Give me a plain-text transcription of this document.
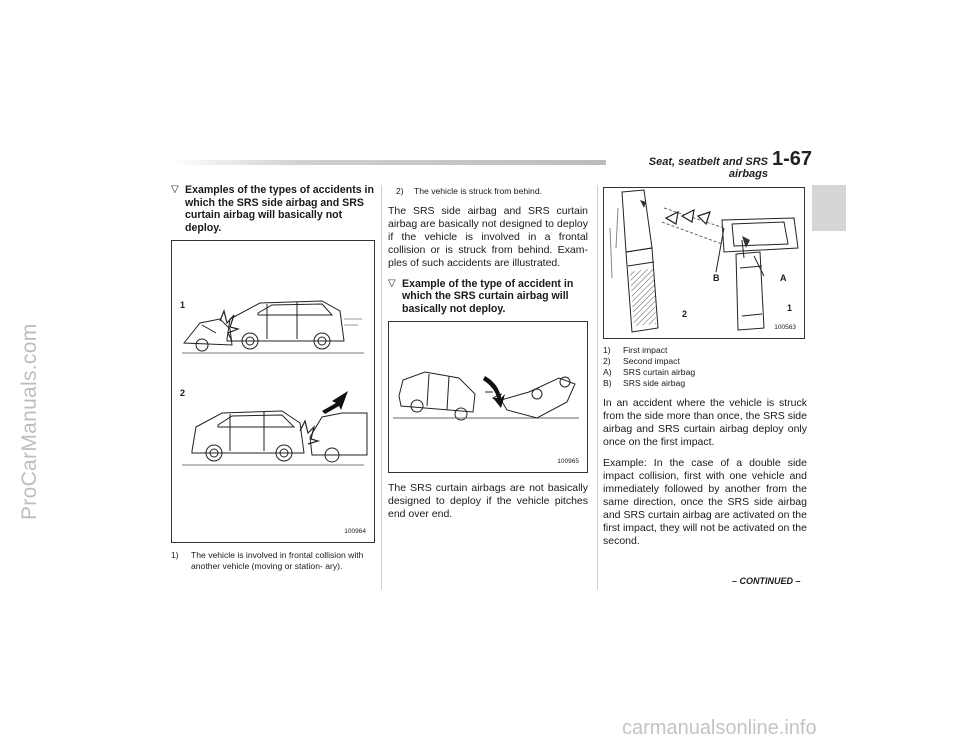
ProCarManuals.com
carmanualsonline.info
Seat, seatbelt and SRS airbags
1-67
▽ Examples of the types of accidents in which the SRS side airbag and SRS curtain airbag will basically not deploy.
1
2
100964
1) The vehicle is involved in frontal collision with another vehicle (moving or station- ary).
2) The vehicle is struck from behind.

The SRS side airbag and SRS curtain airbag are basically not designed to deploy if the vehicle is involved in a frontal collision or is struck from behind. Exam- ples of such accidents are illustrated.

▽ Example of the type of accident in which the SRS curtain airbag will basically not deploy.
100965

The SRS curtain airbags are not basically designed to deploy if the vehicle pitches end over end.

B	A
2
1
100563
1)	First impact
2)	Second impact
A)	SRS curtain airbag
B)	SRS side airbag

In an accident where the vehicle is struck from the side more than once, the SRS side airbag and SRS curtain airbag deploy only once on the first impact.

Example: In the case of a double side impact collision, first with one vehicle and immediately followed by another from the same direction, once the SRS side airbag and SRS curtain airbag are activated on the first impact, they will not be activated on the second.

– CONTINUED –
